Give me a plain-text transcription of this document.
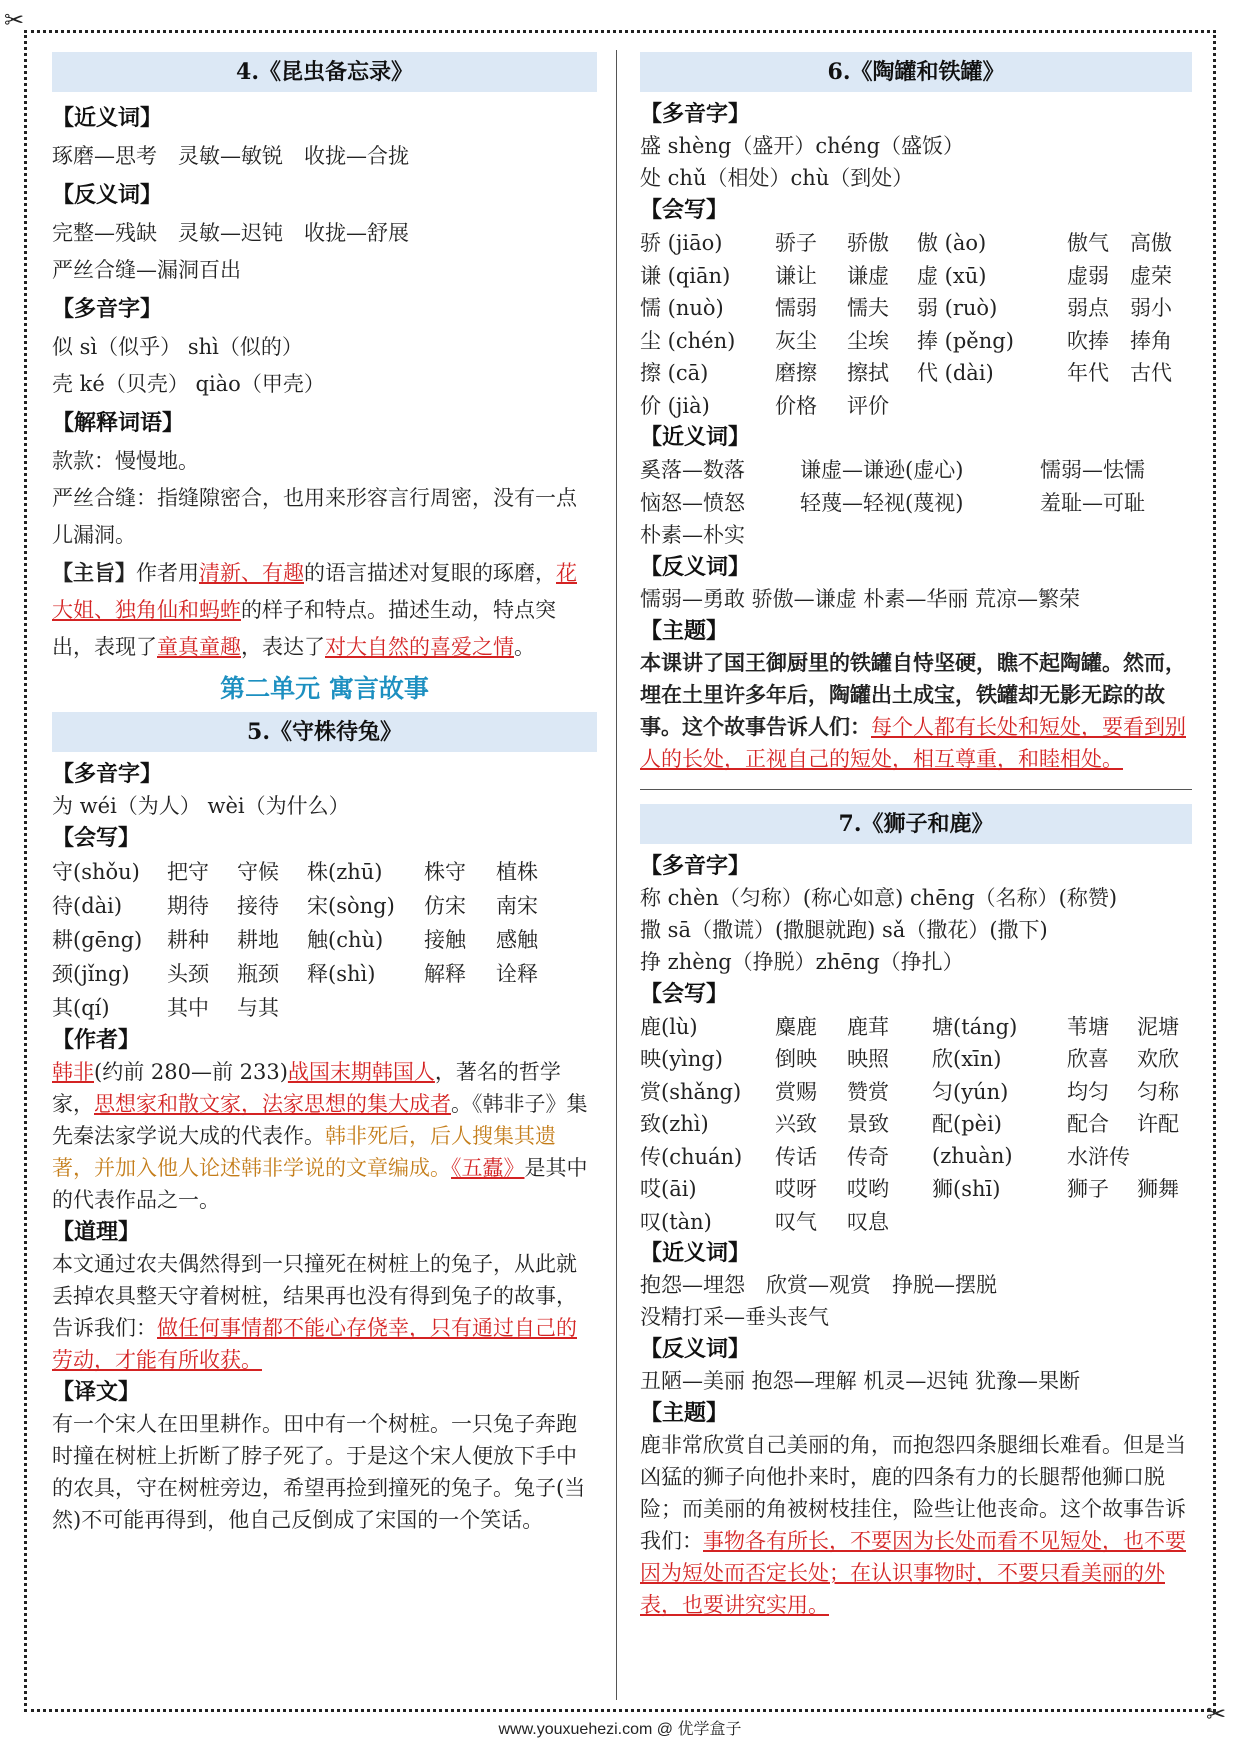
✂
✂
4.《昆虫备忘录》
【近义词】
琢磨—思考　灵敏—敏锐　收拢—合拢
【反义词】
完整—残缺　灵敏—迟钝　收拢—舒展
严丝合缝—漏洞百出
【多音字】
似 sì（似乎） shì（似的）
壳 ké（贝壳） qiào（甲壳）
【解释词语】
款款：慢慢地。
严丝合缝：指缝隙密合，也用来形容言行周密，没有一点儿漏洞。
【主旨】作者用清新、有趣的语言描述对复眼的琢磨，花大姐、独角仙和蚂蚱的样子和特点。描述生动，特点突出，表现了童真童趣，表达了对大自然的喜爱之情。
第二单元 寓言故事
5.《守株待兔》
【多音字】
为 wéi（为人） wèi（为什么）
【会写】
守(shǒu)	把守	守候	株(zhū)	株守	植株
待(dài)	期待	接待	宋(sòng)	仿宋	南宋
耕(gēng)	耕种	耕地	触(chù)	接触	感触
颈(jǐng)	头颈	瓶颈	释(shì)	解释	诠释
其(qí)	其中	与其			
【作者】
韩非(约前 280—前 233)战国末期韩国人，著名的哲学家，思想家和散文家，法家思想的集大成者。《韩非子》集先秦法家学说大成的代表作。韩非死后，后人搜集其遗著，并加入他人论述韩非学说的文章编成。《五蠹》是其中的代表作品之一。
【道理】
本文通过农夫偶然得到一只撞死在树桩上的兔子，从此就丢掉农具整天守着树桩，结果再也没有得到兔子的故事，告诉我们：做任何事情都不能心存侥幸，只有通过自己的劳动，才能有所收获。
【译文】
有一个宋人在田里耕作。田中有一个树桩。一只兔子奔跑时撞在树桩上折断了脖子死了。于是这个宋人便放下手中的农具，守在树桩旁边，希望再捡到撞死的兔子。兔子(当然)不可能再得到，他自己反倒成了宋国的一个笑话。
6.《陶罐和铁罐》
【多音字】
盛 shèng（盛开）chéng（盛饭）
处 chǔ（相处）chù（到处）
【会写】
骄 (jiāo)	骄子	骄傲	傲 (ào)	傲气	高傲
谦 (qiān)	谦让	谦虚	虚 (xū)	虚弱	虚荣
懦 (nuò)	懦弱	懦夫	弱 (ruò)	弱点	弱小
尘 (chén)	灰尘	尘埃	捧 (pěng)	吹捧	捧角
擦 (cā)	磨擦	擦拭	代 (dài)	年代	古代
价 (jià)	价格	评价			
【近义词】
奚落—数落	谦虚—谦逊(虚心)	懦弱—怯懦
恼怒—愤怒	轻蔑—轻视(蔑视)	羞耻—可耻
朴素—朴实		
【反义词】
懦弱—勇敢 骄傲—谦虚 朴素—华丽 荒凉—繁荣
【主题】
本课讲了国王御厨里的铁罐自恃坚硬，瞧不起陶罐。然而，埋在土里许多年后，陶罐出土成宝，铁罐却无影无踪的故事。这个故事告诉人们：每个人都有长处和短处，要看到别人的长处，正视自己的短处，相互尊重，和睦相处。
7.《狮子和鹿》
【多音字】
称 chèn（匀称）(称心如意) chēng（名称）(称赞)
撒 sā（撒谎）(撒腿就跑) sǎ（撒花）(撒下)
挣 zhèng（挣脱）zhēng（挣扎）
【会写】
鹿(lù)	麋鹿	鹿茸	塘(táng)	苇塘	泥塘
映(yìng)	倒映	映照	欣(xīn)	欣喜	欢欣
赏(shǎng)	赏赐	赞赏	匀(yún)	均匀	匀称
致(zhì)	兴致	景致	配(pèi)	配合	许配
传(chuán)	传话	传奇	(zhuàn)	水浒传	
哎(āi)	哎呀	哎哟	狮(shī)	狮子	狮舞
叹(tàn)	叹气	叹息			
【近义词】
抱怨—埋怨　欣赏—观赏　挣脱—摆脱
没精打采—垂头丧气
【反义词】
丑陋—美丽 抱怨—理解 机灵—迟钝 犹豫—果断
【主题】
鹿非常欣赏自己美丽的角，而抱怨四条腿细长难看。但是当凶猛的狮子向他扑来时，鹿的四条有力的长腿帮他狮口脱险；而美丽的角被树枝挂住，险些让他丧命。这个故事告诉我们：事物各有所长，不要因为长处而看不见短处，也不要因为短处而否定长处；在认识事物时，不要只看美丽的外表，也要讲究实用。
www.youxuehezi.com @ 优学盒子
